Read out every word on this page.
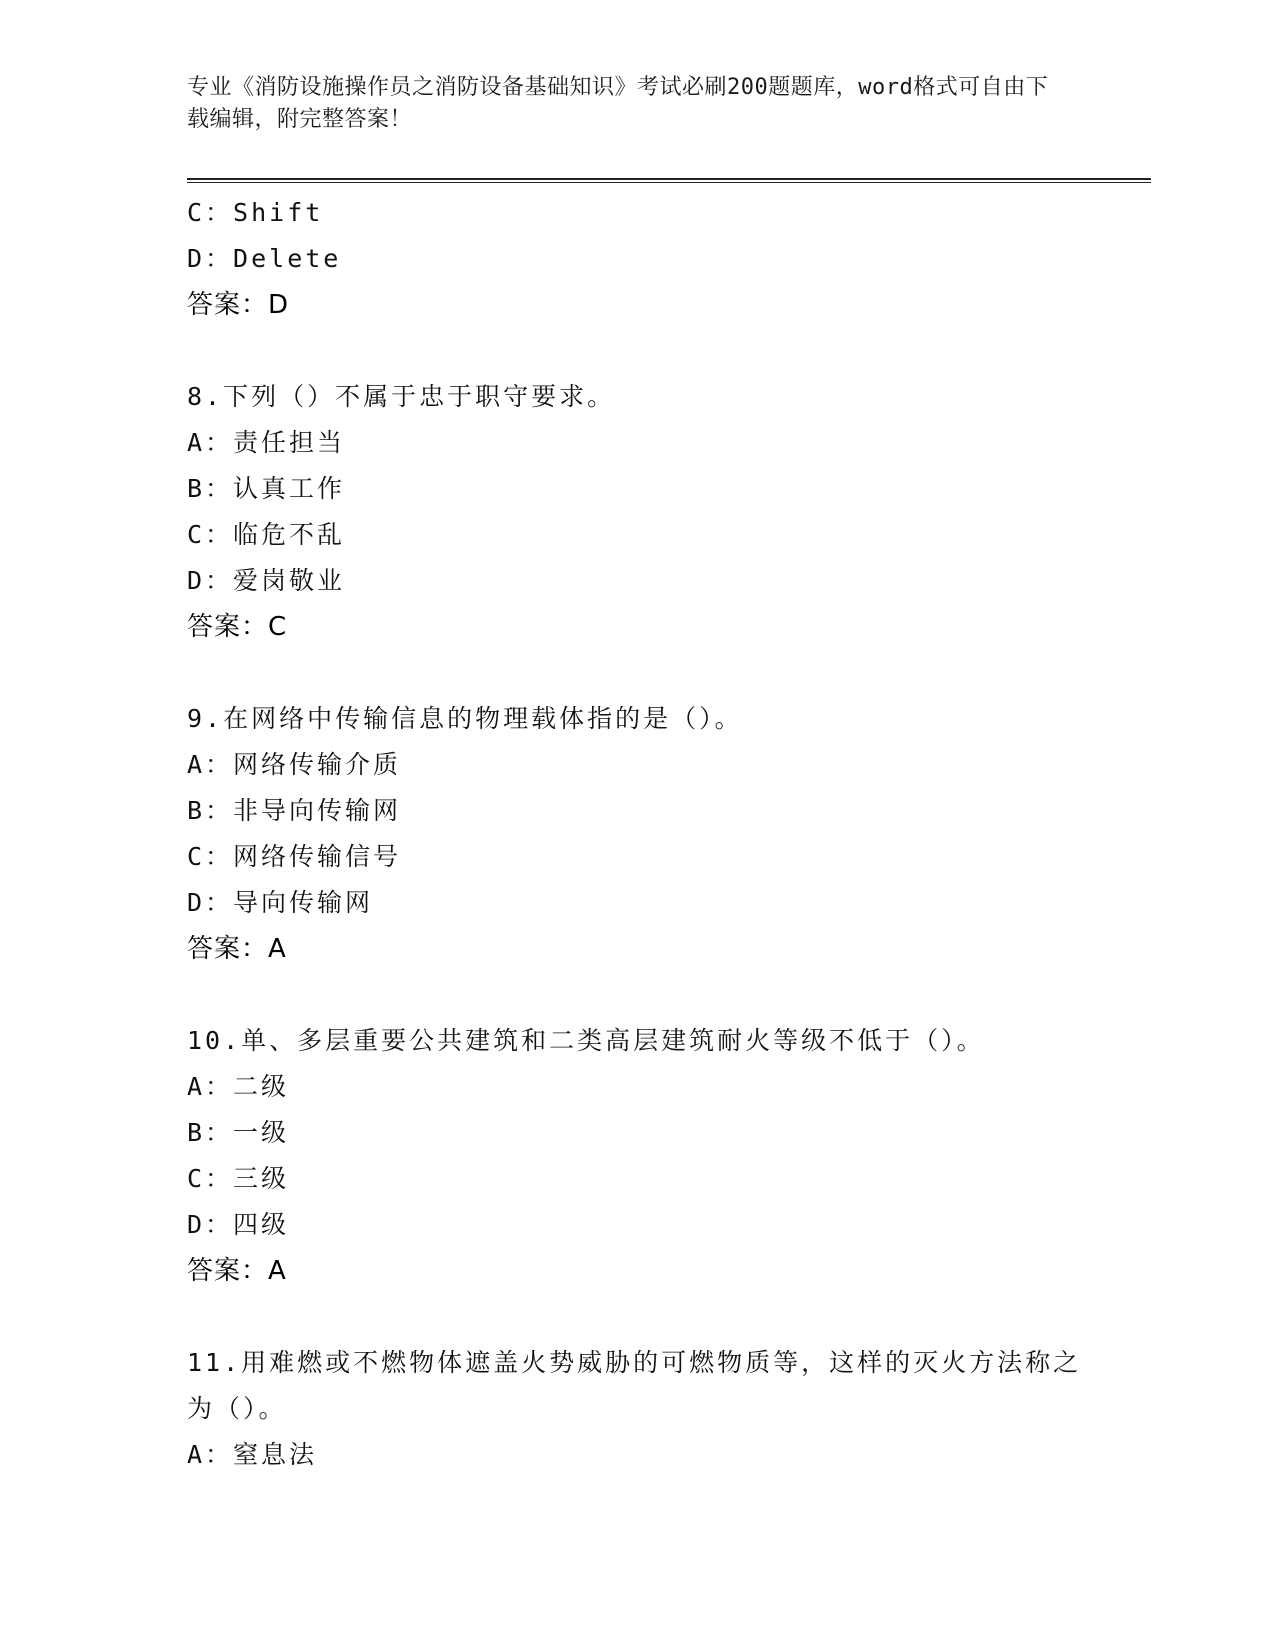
专业《消防设施操作员之消防设备基础知识》考试必刷200题题库，word格式可自由下载编辑，附完整答案！
C：Shift
D：Delete
答案：D
8.下列（）不属于忠于职守要求。
A：责任担当
B：认真工作
C：临危不乱
D：爱岗敬业
答案：C
9.在网络中传输信息的物理载体指的是（）。
A：网络传输介质
B：非导向传输网
C：网络传输信号
D：导向传输网
答案：A
10.单、多层重要公共建筑和二类高层建筑耐火等级不低于（）。
A：二级
B：一级
C：三级
D：四级
答案：A
11.用难燃或不燃物体遮盖火势威胁的可燃物质等，这样的灭火方法称之为（）。
A：窒息法
